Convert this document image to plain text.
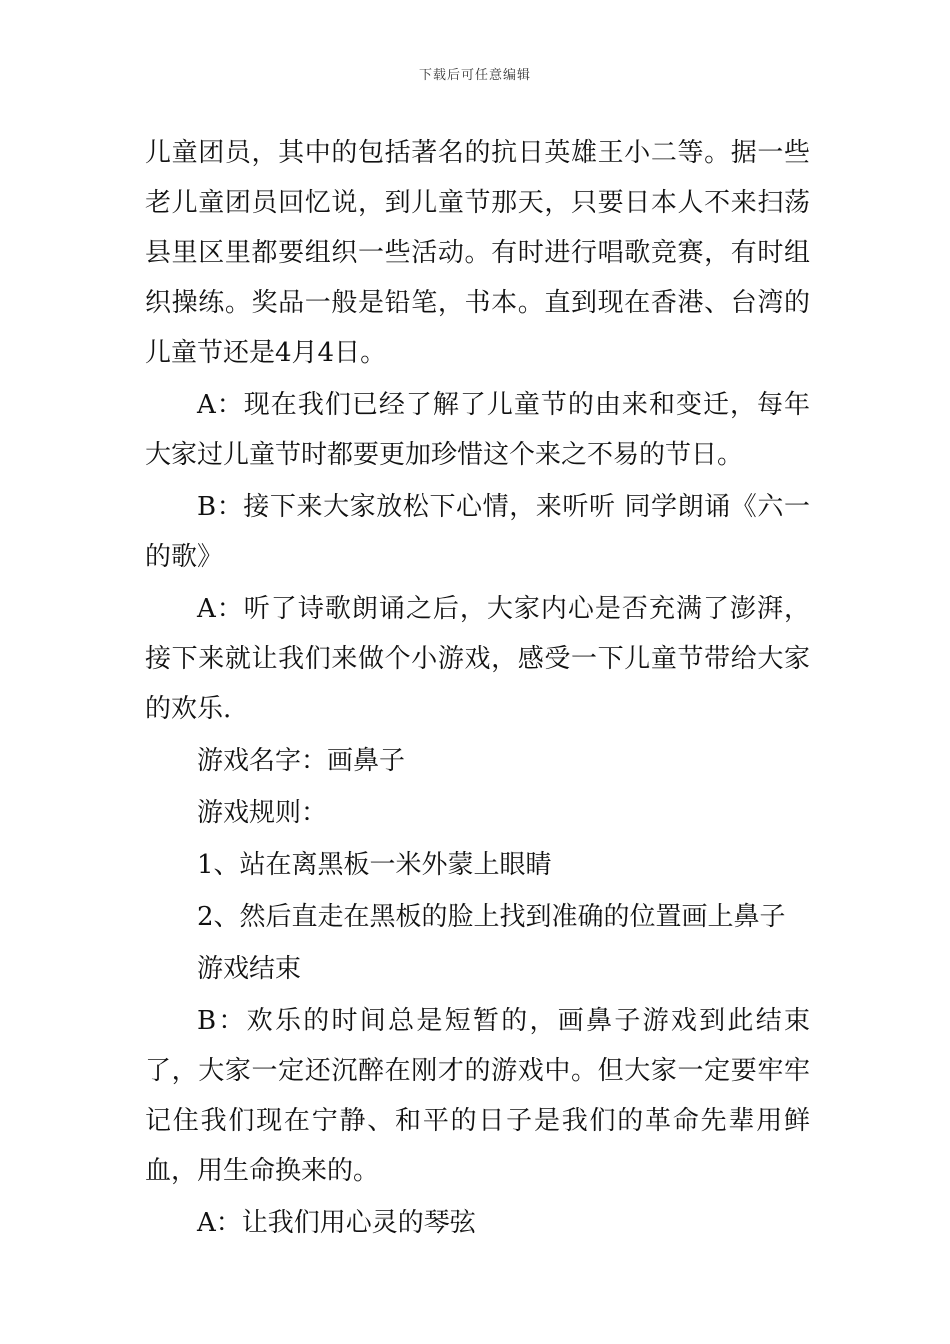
下载后可任意编辑

儿童团员，其中的包括著名的抗日英雄王小二等。据一些老儿童团员回忆说，到儿童节那天，只要日本人不来扫荡县里区里都要组织一些活动。有时进行唱歌竞赛，有时组织操练。奖品一般是铅笔，书本。直到现在香港、台湾的儿童节还是4月4日。

A：现在我们已经了解了儿童节的由来和变迁，每年大家过儿童节时都要更加珍惜这个来之不易的节日。

B：接下来大家放松下心情，来听听 同学朗诵《六一的歌》

A：听了诗歌朗诵之后，大家内心是否充满了澎湃，接下来就让我们来做个小游戏，感受一下儿童节带给大家的欢乐.

游戏名字：画鼻子

游戏规则：

1、站在离黑板一米外蒙上眼睛

2、然后直走在黑板的脸上找到准确的位置画上鼻子

游戏结束

B：欢乐的时间总是短暂的，画鼻子游戏到此结束了，大家一定还沉醉在刚才的游戏中。但大家一定要牢牢记住我们现在宁静、和平的日子是我们的革命先辈用鲜血，用生命换来的。

A：让我们用心灵的琴弦
